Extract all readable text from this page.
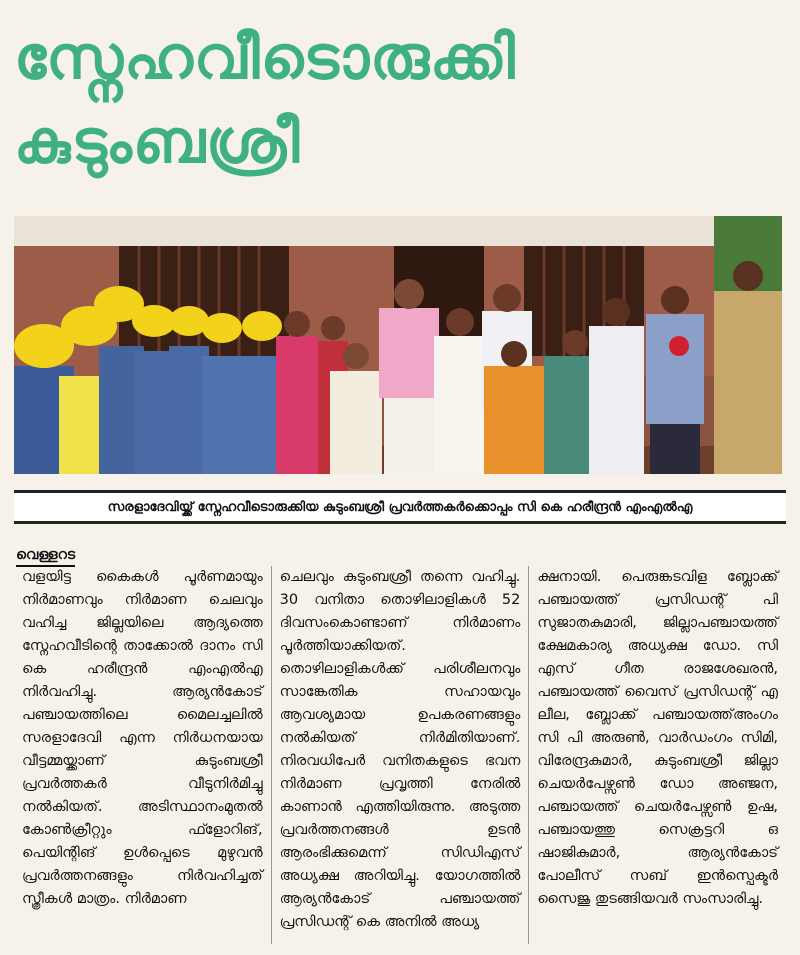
സ്നേഹവീടൊരുക്കി
കുടുംബശ്രീ
സരളാദേവിയ്ക്ക് സ്നേഹവീടൊരുക്കിയ കുടുംബശ്രീ പ്രവർത്തകർക്കൊപ്പം സി കെ ഹരീന്ദ്രൻ എംഎൽഎ
വെള്ളറട

വളയിട്ട കൈകൾ പൂർണമായും നിർമാണവും നിർമാണ ചെലവും വഹിച്ച ജില്ലയിലെ ആദ്യത്തെ സ്നേഹവീടിന്റെ താക്കോൽ ദാനം സി കെ ഹരീന്ദ്രൻ എംഎൽഎ നിർവഹിച്ചു. ആര്യൻകോട് പഞ്ചായത്തിലെ മൈലച്ചലിൽ സരളാദേവി എന്ന നിർധനയായ വീട്ടമ്മയ്ക്കാണ് കുടുംബശ്രീ പ്രവർത്തകർ വീടുനിർമിച്ചു നൽകിയത്. അടിസ്ഥാനംമുതൽ കോൺക്രീറ്റും ഫ്ളോറിങ്, പെയിന്റിങ് ഉൾപ്പെടെ മുഴുവൻ പ്രവർത്തനങ്ങളും നിർവഹിച്ചത് സ്ത്രീകൾ മാത്രം. നിർമാണ

ചെലവും കുടുംബശ്രീ തന്നെ വഹിച്ചു. 30 വനിതാ തൊഴിലാളികൾ 52 ദിവസംകൊണ്ടാണ് നിർമാണം പൂർത്തിയാക്കിയത്. തൊഴിലാളികൾക്ക് പരിശീലനവും സാങ്കേതിക സഹായവും ആവശ്യമായ ഉപകരണങ്ങളും നൽകിയത് നിർമിതിയാണ്. നിരവധിപേർ വനിതകളുടെ ഭവന നിർമാണ പ്രവൃത്തി നേരിൽ കാണാൻ എത്തിയിരുന്നു. അടുത്ത പ്രവർത്തനങ്ങൾ ഉടൻ ആരംഭിക്കുമെന്ന് സിഡിഎസ് അധ്യക്ഷ അറിയിച്ചു. യോഗത്തിൽ ആര്യൻകോട് പഞ്ചായത്ത് പ്രസിഡന്റ് കെ അനിൽ അധ്യ

ക്ഷനായി. പെരുങ്കടവിള ബ്ലോക്ക് പഞ്ചായത്ത് പ്രസിഡന്റ് പി സുജാതകുമാരി, ജില്ലാപഞ്ചായത്ത് ക്ഷേമകാര്യ അധ്യക്ഷ ഡോ. സി എസ് ഗീത രാജശേഖരൻ, പഞ്ചായത്ത് വൈസ് പ്രസിഡന്റ് എ ലീല, ബ്ലോക്ക് പഞ്ചായത്ത്അംഗം സി പി അരുൺ, വാർഡംഗം സിമി, വിരേന്ദ്രകുമാർ, കുടുംബശ്രീ ജില്ലാ ചെയർപേഴ്സൺ ഡോ അഞ്ജന, പഞ്ചായത്ത് ചെയർപേഴ്സൺ ഉഷ, പഞ്ചായത്തു സെക്രട്ടറി ഒ ഷാജികുമാർ, ആര്യൻകോട് പോലീസ് സബ് ഇൻസ്പെക്ടർ സൈജു തുടങ്ങിയവർ സംസാരിച്ചു.
